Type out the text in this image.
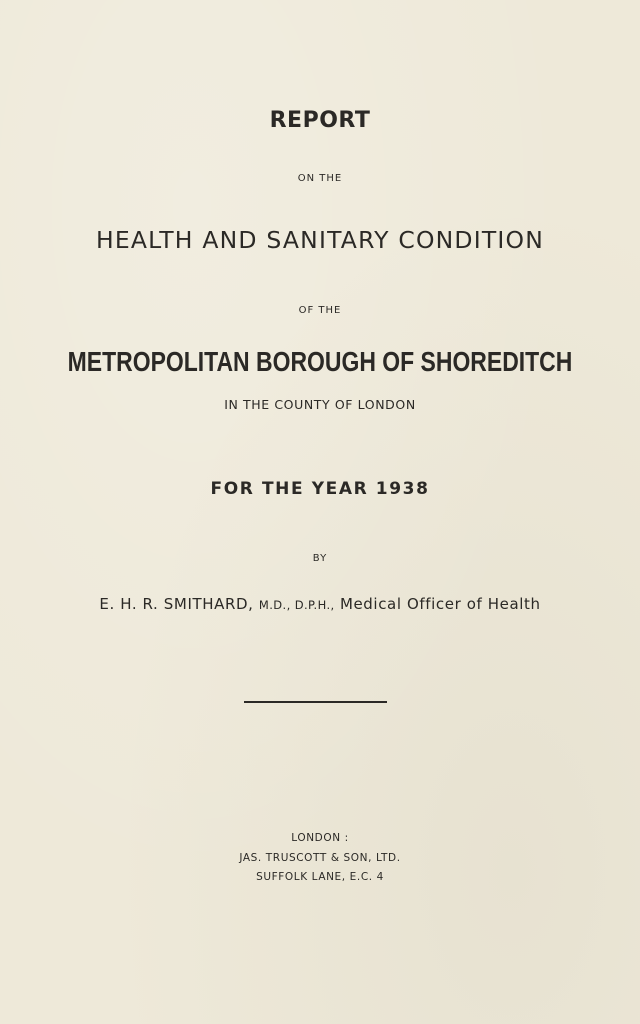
REPORT
ON THE
HEALTH AND SANITARY CONDITION
OF THE
METROPOLITAN BOROUGH OF SHOREDITCH
IN THE COUNTY OF LONDON
FOR THE YEAR 1938
BY
E. H. R. SMITHARD, M.D., D.P.H., Medical Officer of Health
LONDON :
JAS. TRUSCOTT & SON, LTD.
SUFFOLK LANE, E.C. 4
